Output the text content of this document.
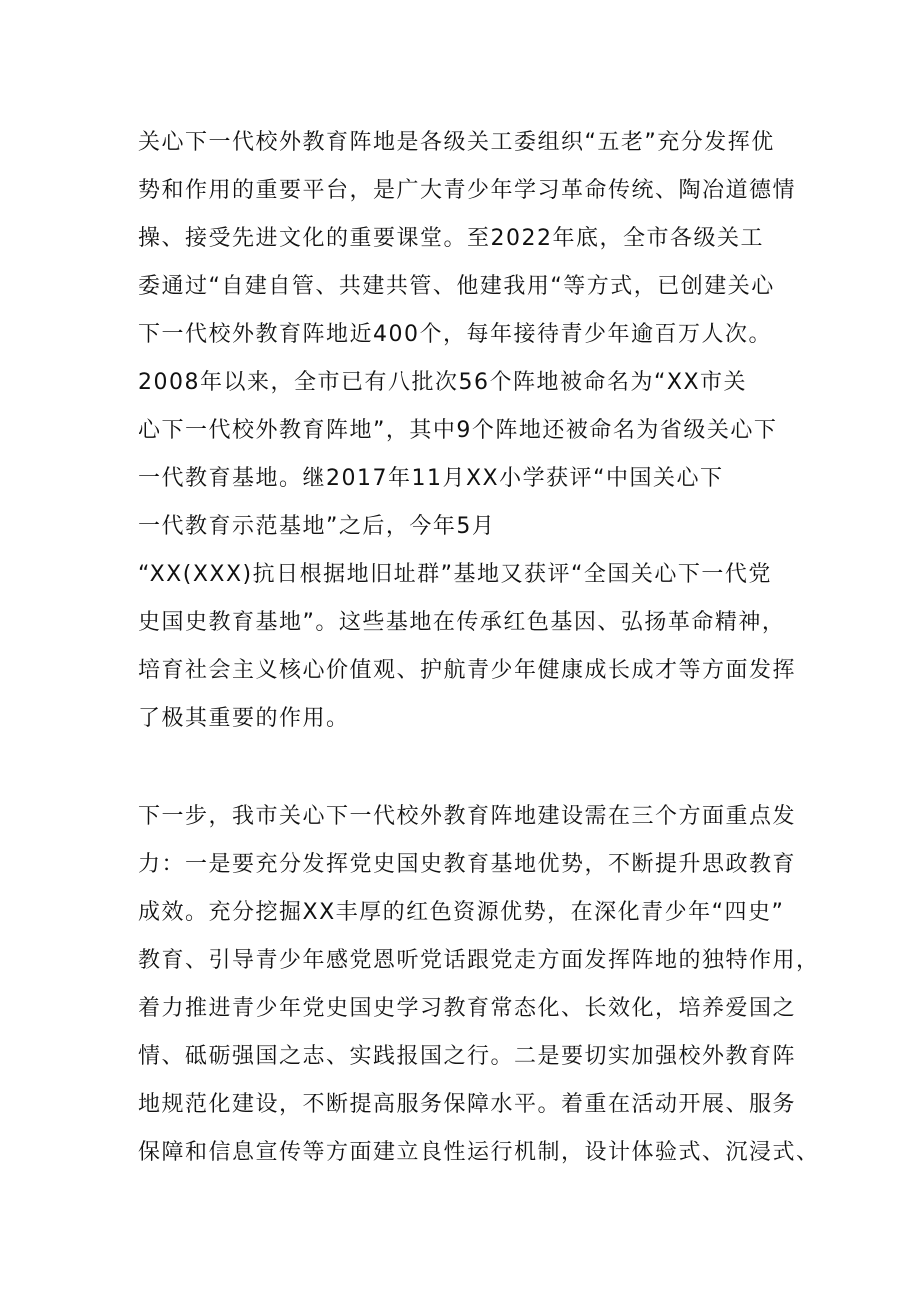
关心下一代校外教育阵地是各级关工委组织“五老”充分发挥优
势和作用的重要平台，是广大青少年学习革命传统、陶冶道德情
操、接受先进文化的重要课堂。至2022年底，全市各级关工
委通过“自建自管、共建共管、他建我用“等方式，已创建关心
下一代校外教育阵地近400个，每年接待青少年逾百万人次。
2008年以来，全市已有八批次56个阵地被命名为“XX市关
心下一代校外教育阵地”，其中9个阵地还被命名为省级关心下
一代教育基地。继2017年11月XX小学获评“中国关心下
一代教育示范基地”之后，今年5月
“XX(XXX)抗日根据地旧址群”基地又获评“全国关心下一代党
史国史教育基地”。这些基地在传承红色基因、弘扬革命精神，
培育社会主义核心价值观、护航青少年健康成长成才等方面发挥
了极其重要的作用。
下一步，我市关心下一代校外教育阵地建设需在三个方面重点发
力：一是要充分发挥党史国史教育基地优势，不断提升思政教育
成效。充分挖掘XX丰厚的红色资源优势，在深化青少年“四史”
教育、引导青少年感党恩听党话跟党走方面发挥阵地的独特作用，
着力推进青少年党史国史学习教育常态化、长效化，培养爱国之
情、砥砺强国之志、实践报国之行。二是要切实加强校外教育阵
地规范化建设，不断提高服务保障水平。着重在活动开展、服务
保障和信息宣传等方面建立良性运行机制，设计体验式、沉浸式、
